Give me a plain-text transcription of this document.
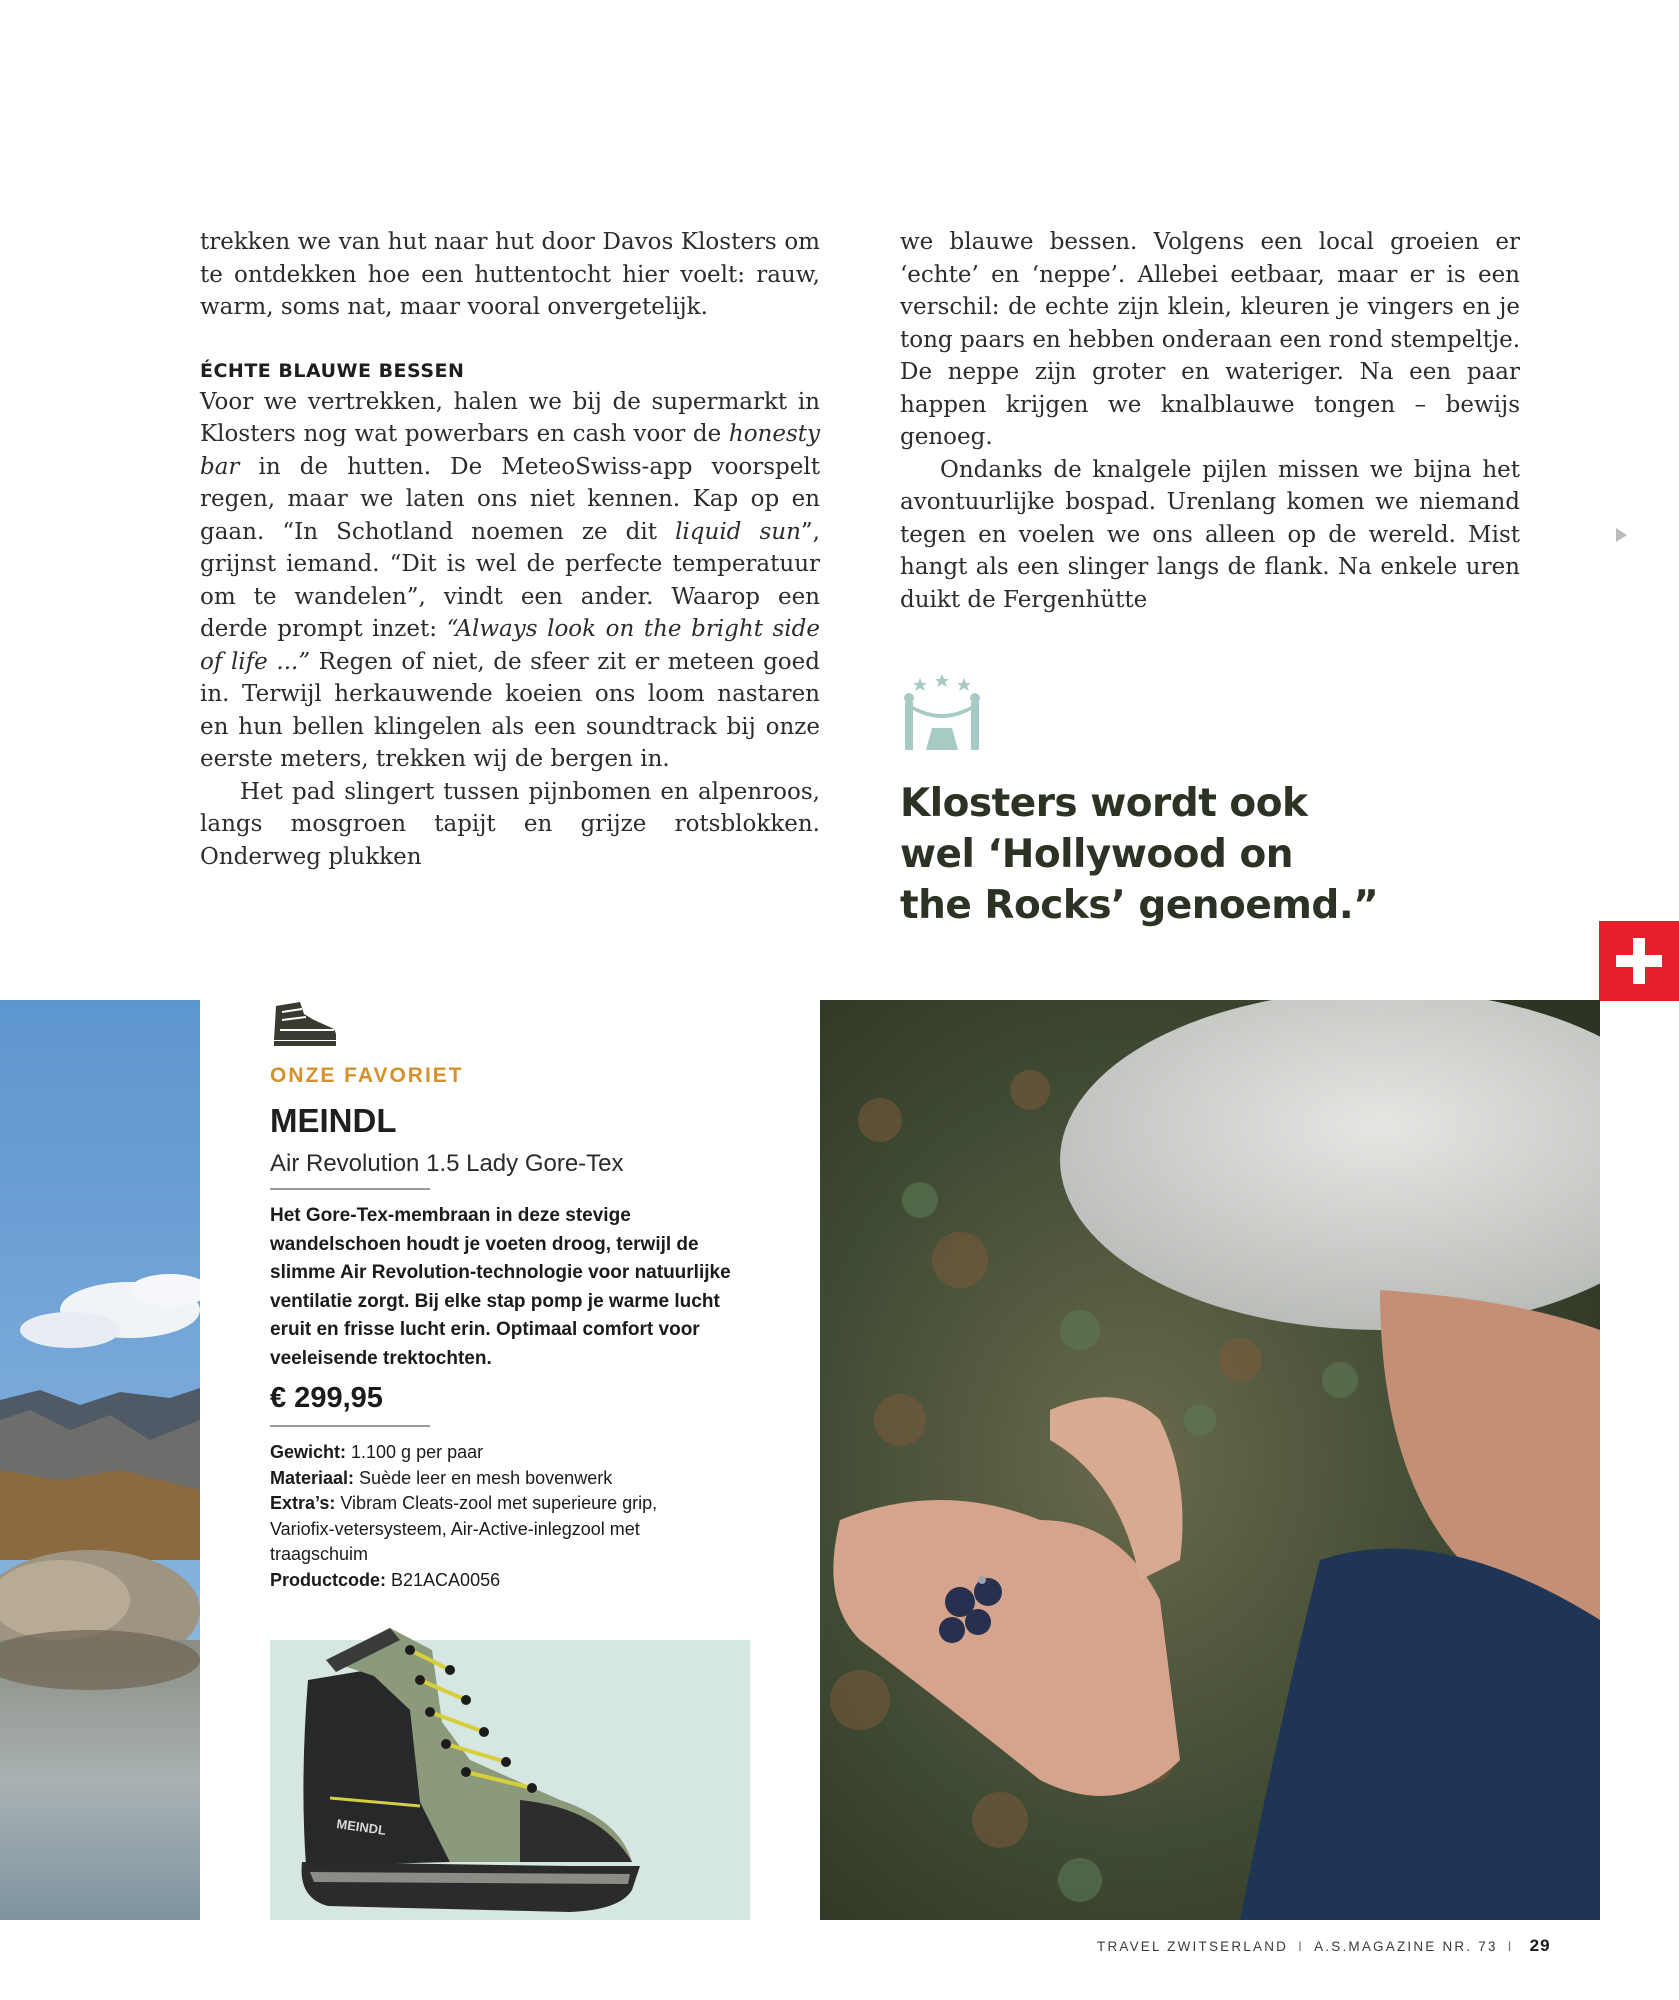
trekken we van hut naar hut door Davos Klosters om te ontdekken hoe een huttentocht hier voelt: rauw, warm, soms nat, maar vooral onvergetelijk.

ÉCHTE BLAUWE BESSEN

Voor we vertrekken, halen we bij de supermarkt in Klosters nog wat powerbars en cash voor de honesty bar in de hutten. De MeteoSwiss-app voorspelt regen, maar we laten ons niet kennen. Kap op en gaan. “In Schotland noemen ze dit liquid sun”, grijnst iemand. “Dit is wel de perfecte temperatuur om te wandelen”, vindt een ander. Waarop een derde prompt inzet: “Always look on the bright side of life ...” Regen of niet, de sfeer zit er meteen goed in. Terwijl herkauwende koeien ons loom nastaren en hun bellen klingelen als een soundtrack bij onze eerste meters, trekken wij de bergen in.

Het pad slingert tussen pijnbomen en alpenroos, langs mosgroen tapijt en grijze rotsblokken. Onderweg plukken

we blauwe bessen. Volgens een local groeien er ‘echte’ en ‘neppe’. Allebei eetbaar, maar er is een verschil: de echte zijn klein, kleuren je vingers en je tong paars en hebben onderaan een rond stempeltje. De neppe zijn groter en wateriger. Na een paar happen krijgen we knalblauwe tongen – bewijs genoeg.

Ondanks de knalgele pijlen missen we bijna het avontuurlijke bospad. Urenlang komen we niemand tegen en voelen we ons alleen op de wereld. Mist hangt als een slinger langs de flank. Na enkele uren duikt de Fergenhütte

Klosters wordt ook
wel ‘Hollywood on
the Rocks’ genoemd.”
ONZE FAVORIET
MEINDL
Air Revolution 1.5 Lady Gore-Tex
Het Gore-Tex-membraan in deze stevige wandelschoen houdt je voeten droog, terwijl de slimme Air Revolution-technologie voor natuurlijke ventilatie zorgt. Bij elke stap pomp je warme lucht eruit en frisse lucht erin. Optimaal comfort voor veeleisende trektochten.
€ 299,95
Gewicht: 1.100 g per paar
Materiaal: Suède leer en mesh bovenwerk
Extra’s: Vibram Cleats-zool met superieure grip, Variofix-vetersysteem, Air-Active-inlegzool met traagschuim
Productcode: B21ACA0056
MEINDL
TRAVEL ZWITSERLAND I A.S.MAGAZINE NR. 73 I 29
